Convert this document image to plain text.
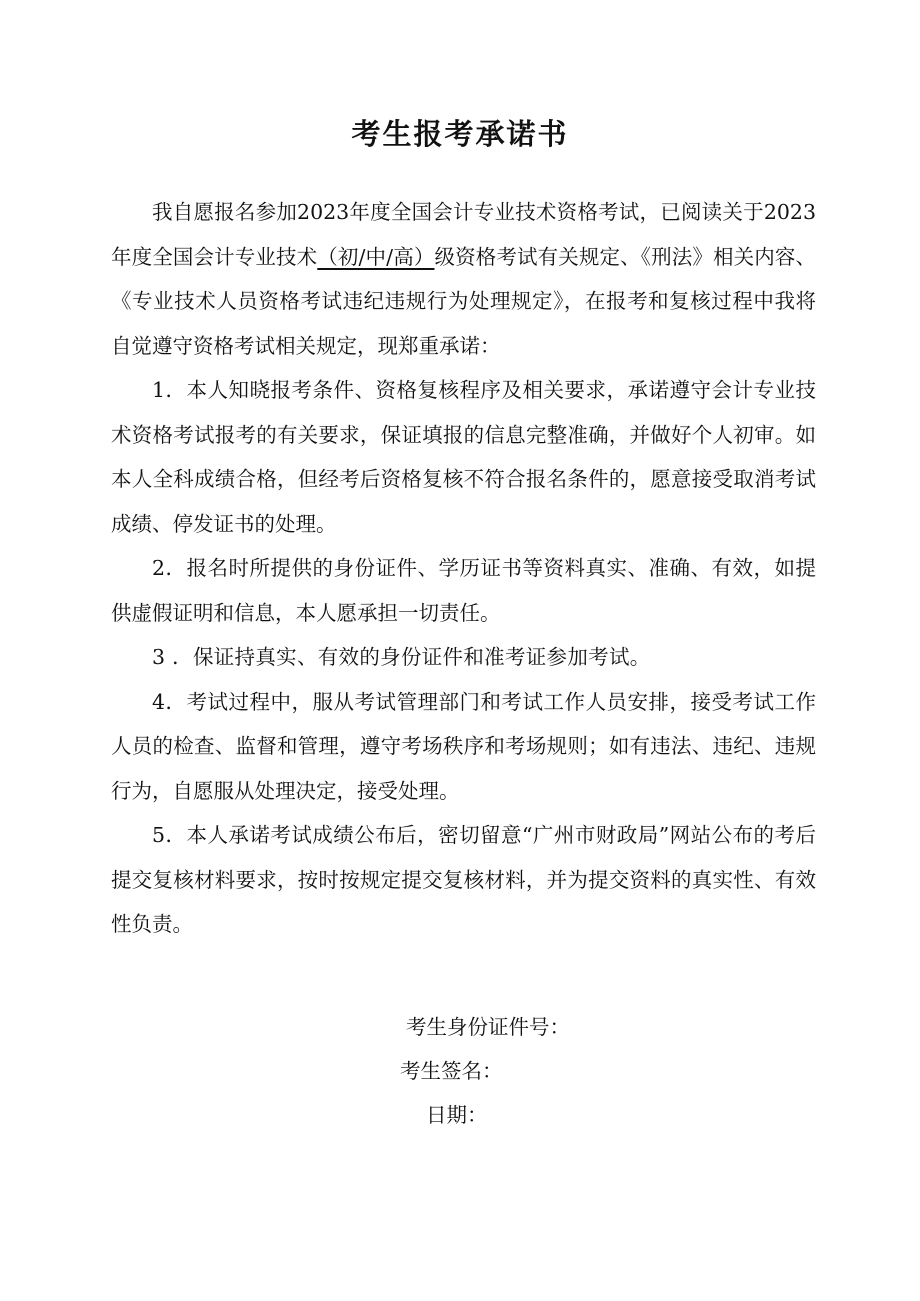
考生报考承诺书

我自愿报名参加2023年度全国会计专业技术资格考试，已阅读关于2023年度全国会计专业技术（初/中/高）级资格考试有关规定、《刑法》相关内容、《专业技术人员资格考试违纪违规行为处理规定》，在报考和复核过程中我将自觉遵守资格考试相关规定，现郑重承诺：

1．本人知晓报考条件、资格复核程序及相关要求，承诺遵守会计专业技术资格考试报考的有关要求，保证填报的信息完整准确，并做好个人初审。如本人全科成绩合格，但经考后资格复核不符合报名条件的，愿意接受取消考试成绩、停发证书的处理。

2．报名时所提供的身份证件、学历证书等资料真实、准确、有效，如提供虚假证明和信息，本人愿承担一切责任。

3 ．保证持真实、有效的身份证件和准考证参加考试。

4．考试过程中，服从考试管理部门和考试工作人员安排，接受考试工作人员的检查、监督和管理，遵守考场秩序和考场规则；如有违法、违纪、违规行为，自愿服从处理决定，接受处理。

5．本人承诺考试成绩公布后，密切留意“广州市财政局”网站公布的考后提交复核材料要求，按时按规定提交复核材料，并为提交资料的真实性、有效性负责。

考生身份证件号：
考生签名：
日期：
